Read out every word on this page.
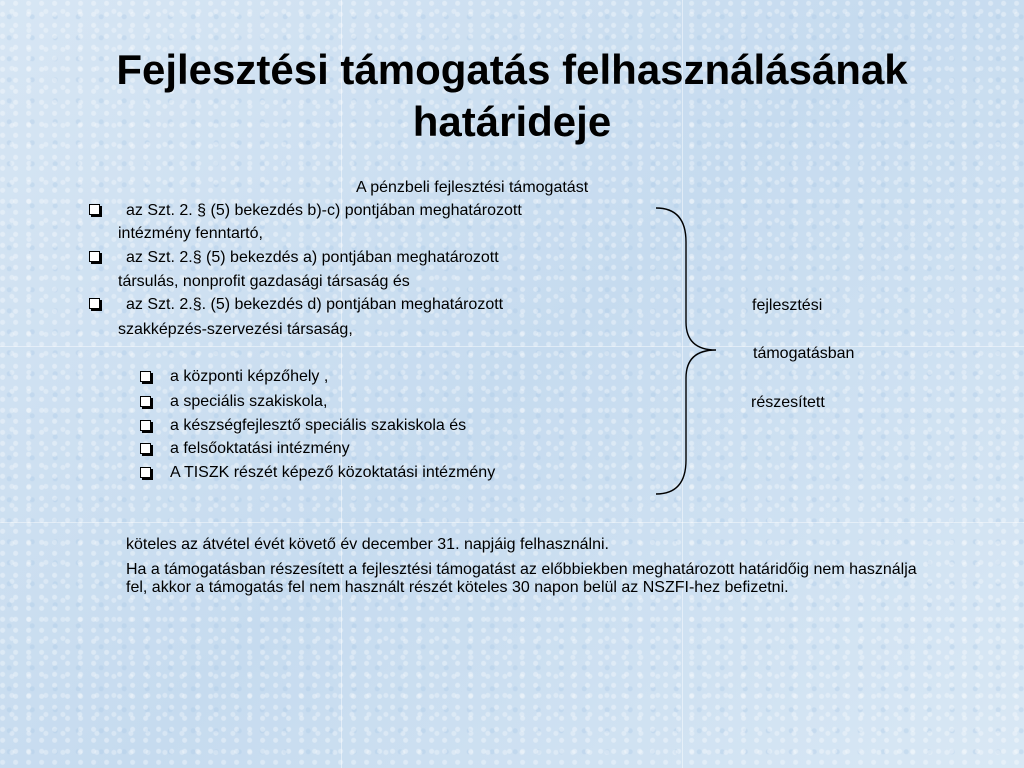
Fejlesztési támogatás felhasználásának
határideje
A pénzbeli fejlesztési támogatást
az Szt. 2. § (5) bekezdés b)-c) pontjában meghatározott
intézmény fenntartó,
az Szt. 2.§ (5) bekezdés a) pontjában meghatározott
társulás, nonprofit gazdasági társaság és
az Szt. 2.§. (5) bekezdés d) pontjában meghatározott
szakképzés-szervezési társaság,
a központi képzőhely ,
a speciális szakiskola,
a készségfejlesztő speciális szakiskola és
a felsőoktatási intézmény
A TISZK részét képező közoktatási intézmény
fejlesztési
támogatásban
részesített
köteles az átvétel évét követő év december 31. napjáig felhasználni.
Ha a támogatásban részesített a fejlesztési támogatást az előbbiekben meghatározott határidőig nem használja fel, akkor a támogatás fel nem használt részét köteles 30 napon belül az NSZFI-hez befizetni.
